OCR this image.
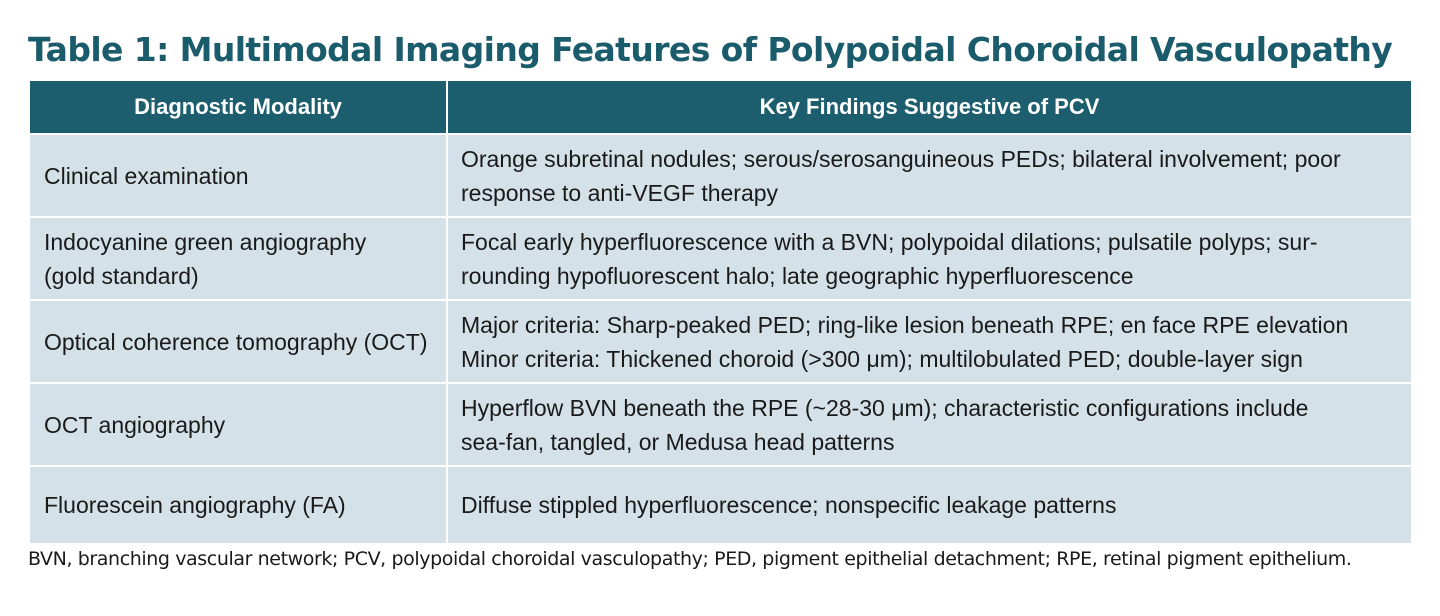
Table 1: Multimodal Imaging Features of Polypoidal Choroidal Vasculopathy
Diagnostic Modality	Key Findings Suggestive of PCV

Clinical examination	Orange subretinal nodules; serous/serosanguineous PEDs; bilateral involvement; poor
response to anti-VEGF therapy

Indocyanine green angiography
(gold standard)	Focal early hyperfluorescence with a BVN; polypoidal dilations; pulsatile polyps; sur-
rounding hypofluorescent halo; late geographic hyperfluorescence

Optical coherence tomography (OCT)	Major criteria: Sharp-peaked PED; ring-like lesion beneath RPE; en face RPE elevation
Minor criteria: Thickened choroid (>300 μm); multilobulated PED; double-layer sign

OCT angiography	Hyperflow BVN beneath the RPE (~28-30 μm); characteristic configurations include
sea-fan, tangled, or Medusa head patterns

Fluorescein angiography (FA)	Diffuse stippled hyperfluorescence; nonspecific leakage patterns
BVN, branching vascular network; PCV, polypoidal choroidal vasculopathy; PED, pigment epithelial detachment; RPE, retinal pigment epithelium.
